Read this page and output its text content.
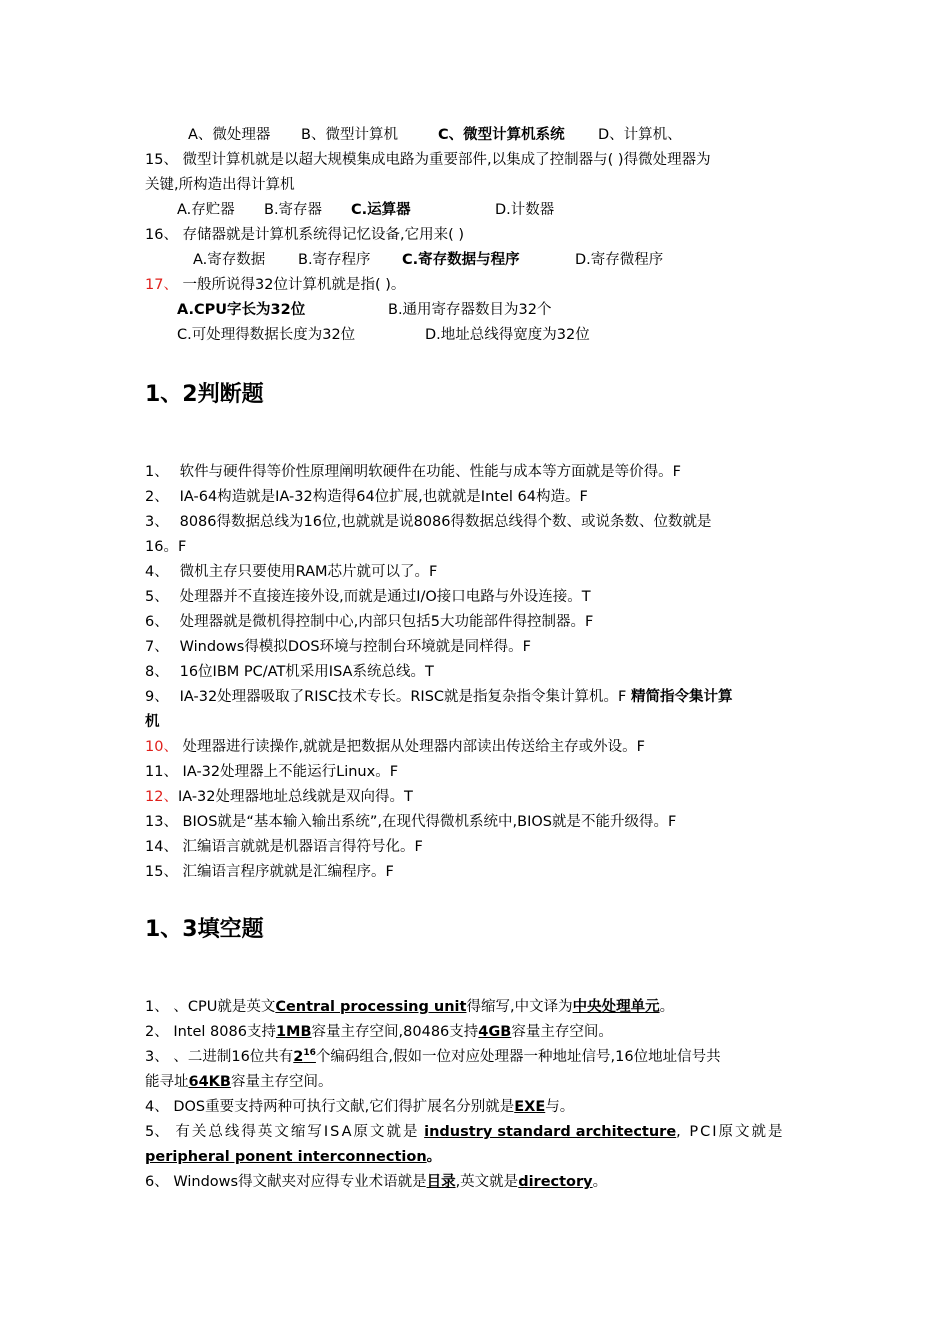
A、微处理器 B、微型计算机	C、微型计算机系统 D、计算机、
15、 微型计算机就是以超大规模集成电路为重要部件,以集成了控制器与( )得微处理器为
关键,所构造出得计算机
A.存贮器 B.寄存器 C.运算器	D.计数器
16、 存储器就是计算机系统得记忆设备,它用来( )
A.寄存数据 B.寄存程序 C.寄存数据与程序	D.寄存微程序
17、 一般所说得32位计算机就是指( )。
A.CPU字长为32位	B.通用寄存器数目为32个
C.可处理得数据长度为32位	D.地址总线得宽度为32位
1、2判断题
1、 软件与硬件得等价性原理阐明软硬件在功能、性能与成本等方面就是等价得。F
2、 IA-64构造就是IA-32构造得64位扩展,也就就是Intel 64构造。F
3、 8086得数据总线为16位,也就就是说8086得数据总线得个数、或说条数、位数就是
16。F
4、 微机主存只要使用RAM芯片就可以了。F
5、 处理器并不直接连接外设,而就是通过I/O接口电路与外设连接。T
6、 处理器就是微机得控制中心,内部只包括5大功能部件得控制器。F
7、 Windows得模拟DOS环境与控制台环境就是同样得。F
8、 16位IBM PC/AT机采用ISA系统总线。T
9、 IA-32处理器吸取了RISC技术专长。RISC就是指复杂指令集计算机。F 精简指令集计算
机
10、 处理器进行读操作,就就是把数据从处理器内部读出传送给主存或外设。F
11、 IA-32处理器上不能运行Linux。F
12、IA-32处理器地址总线就是双向得。T
13、 BIOS就是“基本输入输出系统”,在现代得微机系统中,BIOS就是不能升级得。F
14、 汇编语言就就是机器语言得符号化。F
15、 汇编语言程序就就是汇编程序。F
1、3填空题
1、 、CPU就是英文Central processing unit得缩写,中文译为中央处理单元。
2、 Intel 8086支持1MB容量主存空间,80486支持4GB容量主存空间。
3、 、二进制16位共有$2^{16}$个编码组合,假如一位对应处理器一种地址信号,16位地址信号共
能寻址64KB容量主存空间。
4、 DOS重要支持两种可执行文献,它们得扩展名分别就是EXE与。
5、 有关总线得英文缩写ISA原文就是 industry standard architecture, PCI原文就是
peripheral ponent interconnection。
6、 Windows得文献夹对应得专业术语就是目录,英文就是directory。
